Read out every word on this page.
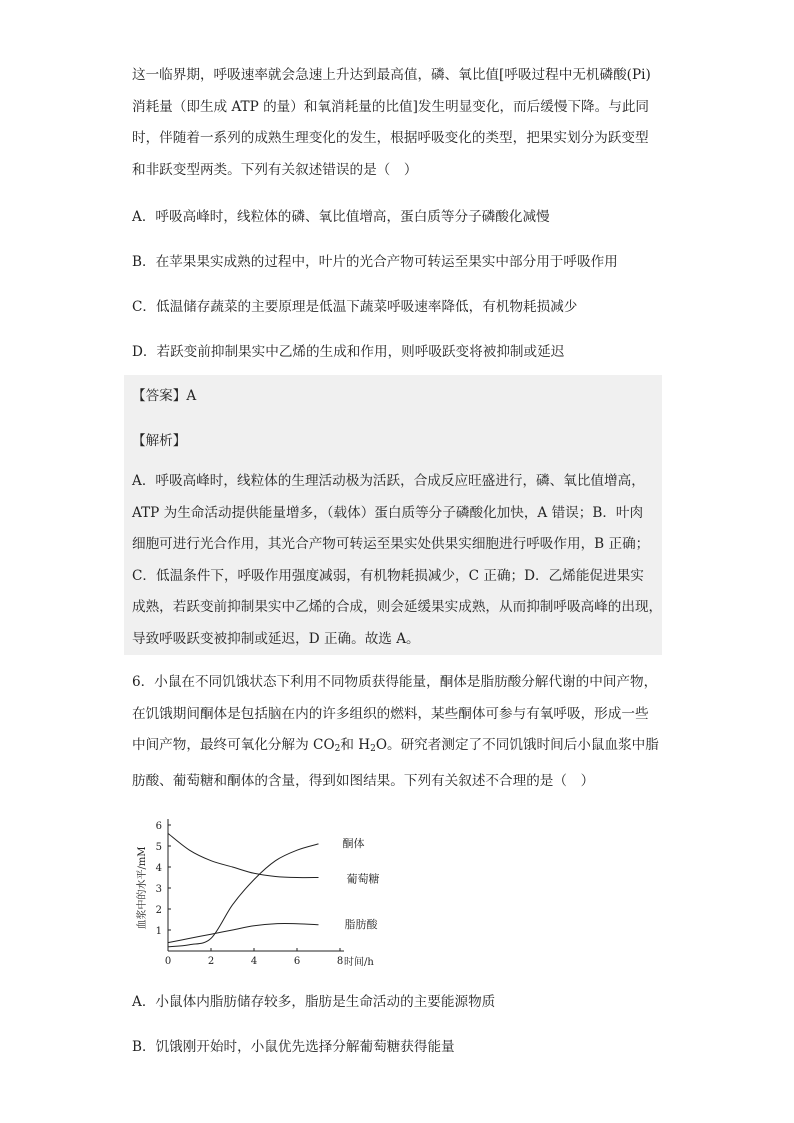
这一临界期，呼吸速率就会急速上升达到最高值，磷、氧比值[呼吸过程中无机磷酸(Pi)
消耗量（即生成 ATP 的量）和氧消耗量的比值]发生明显变化，而后缓慢下降。与此同
时，伴随着一系列的成熟生理变化的发生，根据呼吸变化的类型，把果实划分为跃变型
和非跃变型两类。下列有关叙述错误的是（　）
A．呼吸高峰时，线粒体的磷、氧比值增高，蛋白质等分子磷酸化减慢
B．在苹果果实成熟的过程中，叶片的光合产物可转运至果实中部分用于呼吸作用
C．低温储存蔬菜的主要原理是低温下蔬菜呼吸速率降低，有机物耗损减少
D．若跃变前抑制果实中乙烯的生成和作用，则呼吸跃变将被抑制或延迟
【答案】A
【解析】
A．呼吸高峰时，线粒体的生理活动极为活跃，合成反应旺盛进行，磷、氧比值增高，
ATP 为生命活动提供能量增多，（载体）蛋白质等分子磷酸化加快，A 错误；B．叶肉
细胞可进行光合作用，其光合产物可转运至果实处供果实细胞进行呼吸作用，B 正确；
C．低温条件下，呼吸作用强度减弱，有机物耗损减少，C 正确；D．乙烯能促进果实
成熟，若跃变前抑制果实中乙烯的合成，则会延缓果实成熟，从而抑制呼吸高峰的出现，
导致呼吸跃变被抑制或延迟，D 正确。故选 A。
6．小鼠在不同饥饿状态下利用不同物质获得能量，酮体是脂肪酸分解代谢的中间产物，
在饥饿期间酮体是包括脑在内的许多组织的燃料，某些酮体可参与有氧呼吸，形成一些
中间产物，最终可氧化分解为 $CO_2$和 $H_2O$。研究者测定了不同饥饿时间后小鼠血浆中脂
肪酸、葡萄糖和酮体的含量，得到如图结果。下列有关叙述不合理的是（　）
0	2	4	6	8
1
2
3
4
5
6
酮体
葡萄糖
脂肪酸
时间/h
血浆中的水平/mM
A．小鼠体内脂肪储存较多，脂肪是生命活动的主要能源物质
B．饥饿刚开始时，小鼠优先选择分解葡萄糖获得能量
